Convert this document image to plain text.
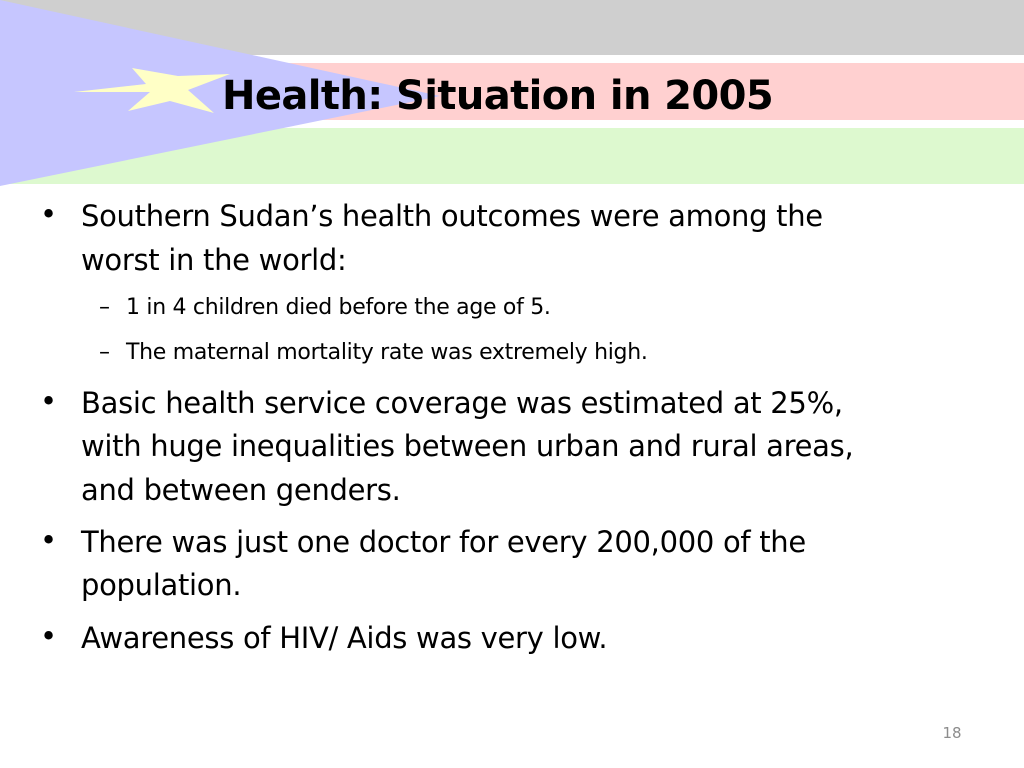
Health: Situation in 2005
• Southern Sudan’s health outcomes were among the
worst in the world:
– 1 in 4 children died before the age of 5.
– The maternal mortality rate was extremely high.
• Basic health service coverage was estimated at 25%,
with huge inequalities between urban and rural areas,
and between genders.
• There was just one doctor for every 200,000 of the
population.
• Awareness of HIV/ Aids was very low.
18
